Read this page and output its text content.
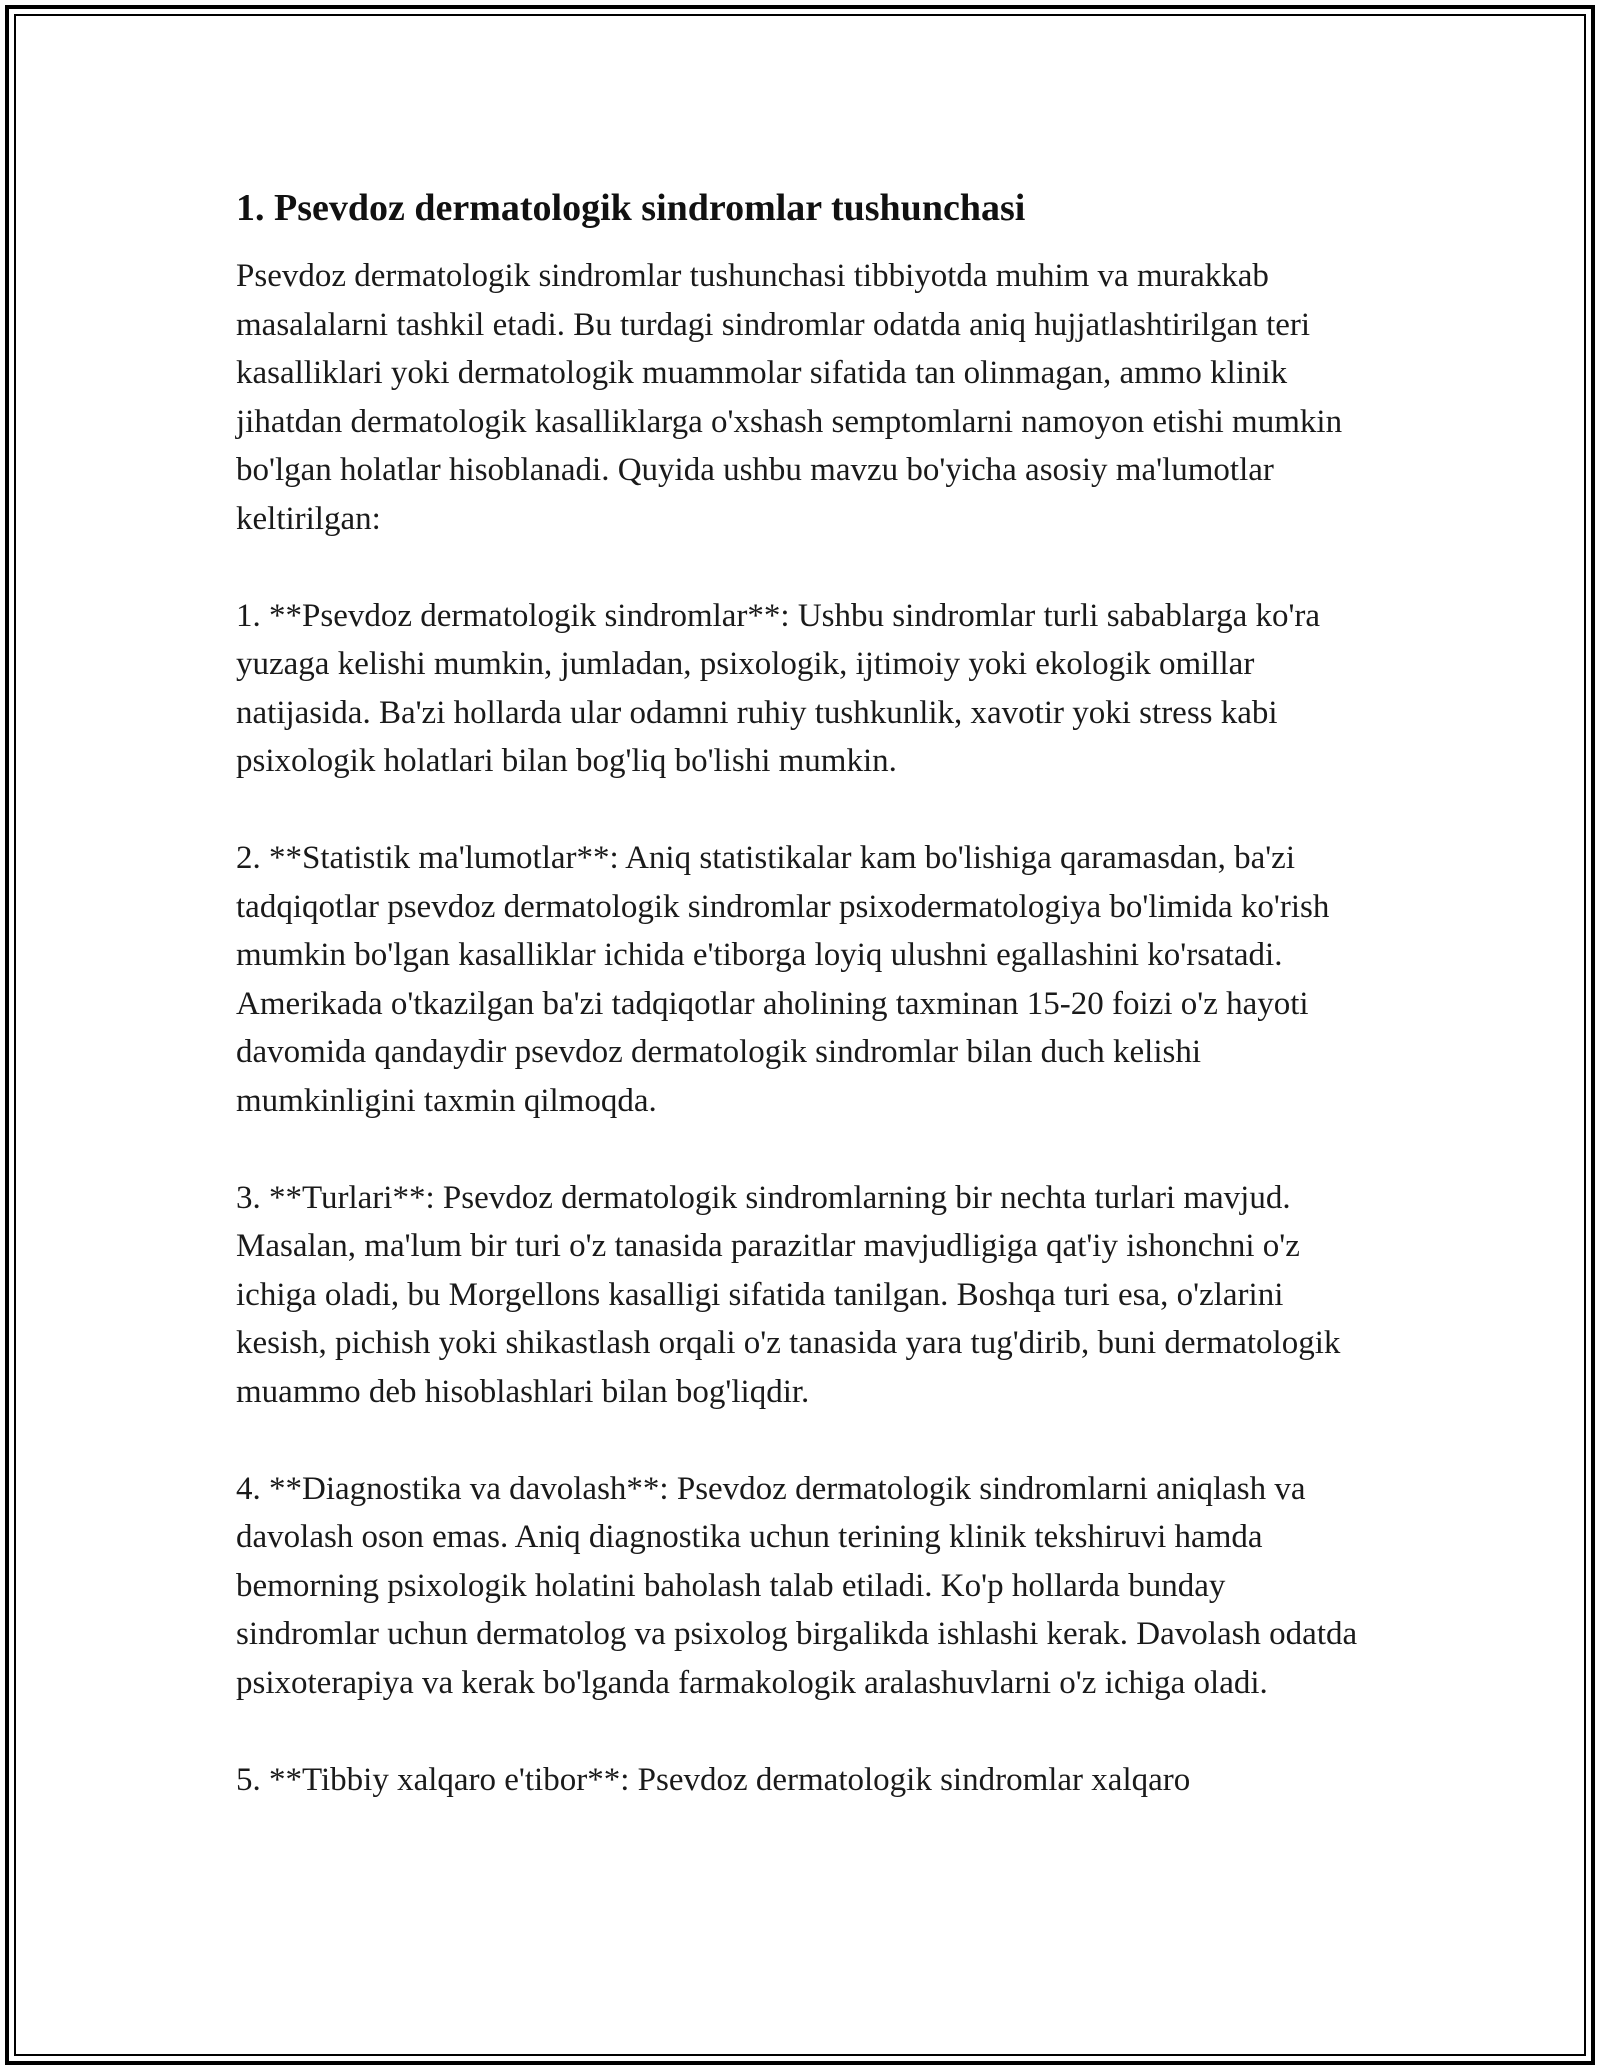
1. Psevdoz dermatologik sindromlar tushunchasi

Psevdoz dermatologik sindromlar tushunchasi tibbiyotda muhim va murakkab masalalarni tashkil etadi. Bu turdagi sindromlar odatda aniq hujjatlashtirilgan teri kasalliklari yoki dermatologik muammolar sifatida tan olinmagan, ammo klinik jihatdan dermatologik kasalliklarga o'xshash semptomlarni namoyon etishi mumkin bo'lgan holatlar hisoblanadi. Quyida ushbu mavzu bo'yicha asosiy ma'lumotlar keltirilgan:

1. **Psevdoz dermatologik sindromlar**: Ushbu sindromlar turli sabablarga ko'ra yuzaga kelishi mumkin, jumladan, psixologik, ijtimoiy yoki ekologik omillar natijasida. Ba'zi hollarda ular odamni ruhiy tushkunlik, xavotir yoki stress kabi psixologik holatlari bilan bog'liq bo'lishi mumkin.

2. **Statistik ma'lumotlar**: Aniq statistikalar kam bo'lishiga qaramasdan, ba'zi tadqiqotlar psevdoz dermatologik sindromlar psixodermatologiya bo'limida ko'rish mumkin bo'lgan kasalliklar ichida e'tiborga loyiq ulushni egallashini ko'rsatadi. Amerikada o'tkazilgan ba'zi tadqiqotlar aholining taxminan 15-20 foizi o'z hayoti davomida qandaydir psevdoz dermatologik sindromlar bilan duch kelishi mumkinligini taxmin qilmoqda.

3. **Turlari**: Psevdoz dermatologik sindromlarning bir nechta turlari mavjud. Masalan, ma'lum bir turi o'z tanasida parazitlar mavjudligiga qat'iy ishonchni o'z ichiga oladi, bu Morgellons kasalligi sifatida tanilgan. Boshqa turi esa, o'zlarini kesish, pichish yoki shikastlash orqali o'z tanasida yara tug'dirib, buni dermatologik muammo deb hisoblashlari bilan bog'liqdir.

4. **Diagnostika va davolash**: Psevdoz dermatologik sindromlarni aniqlash va davolash oson emas. Aniq diagnostika uchun terining klinik tekshiruvi hamda bemorning psixologik holatini baholash talab etiladi. Ko'p hollarda bunday sindromlar uchun dermatolog va psixolog birgalikda ishlashi kerak. Davolash odatda psixoterapiya va kerak bo'lganda farmakologik aralashuvlarni o'z ichiga oladi.

5. **Tibbiy xalqaro e'tibor**: Psevdoz dermatologik sindromlar xalqaro
